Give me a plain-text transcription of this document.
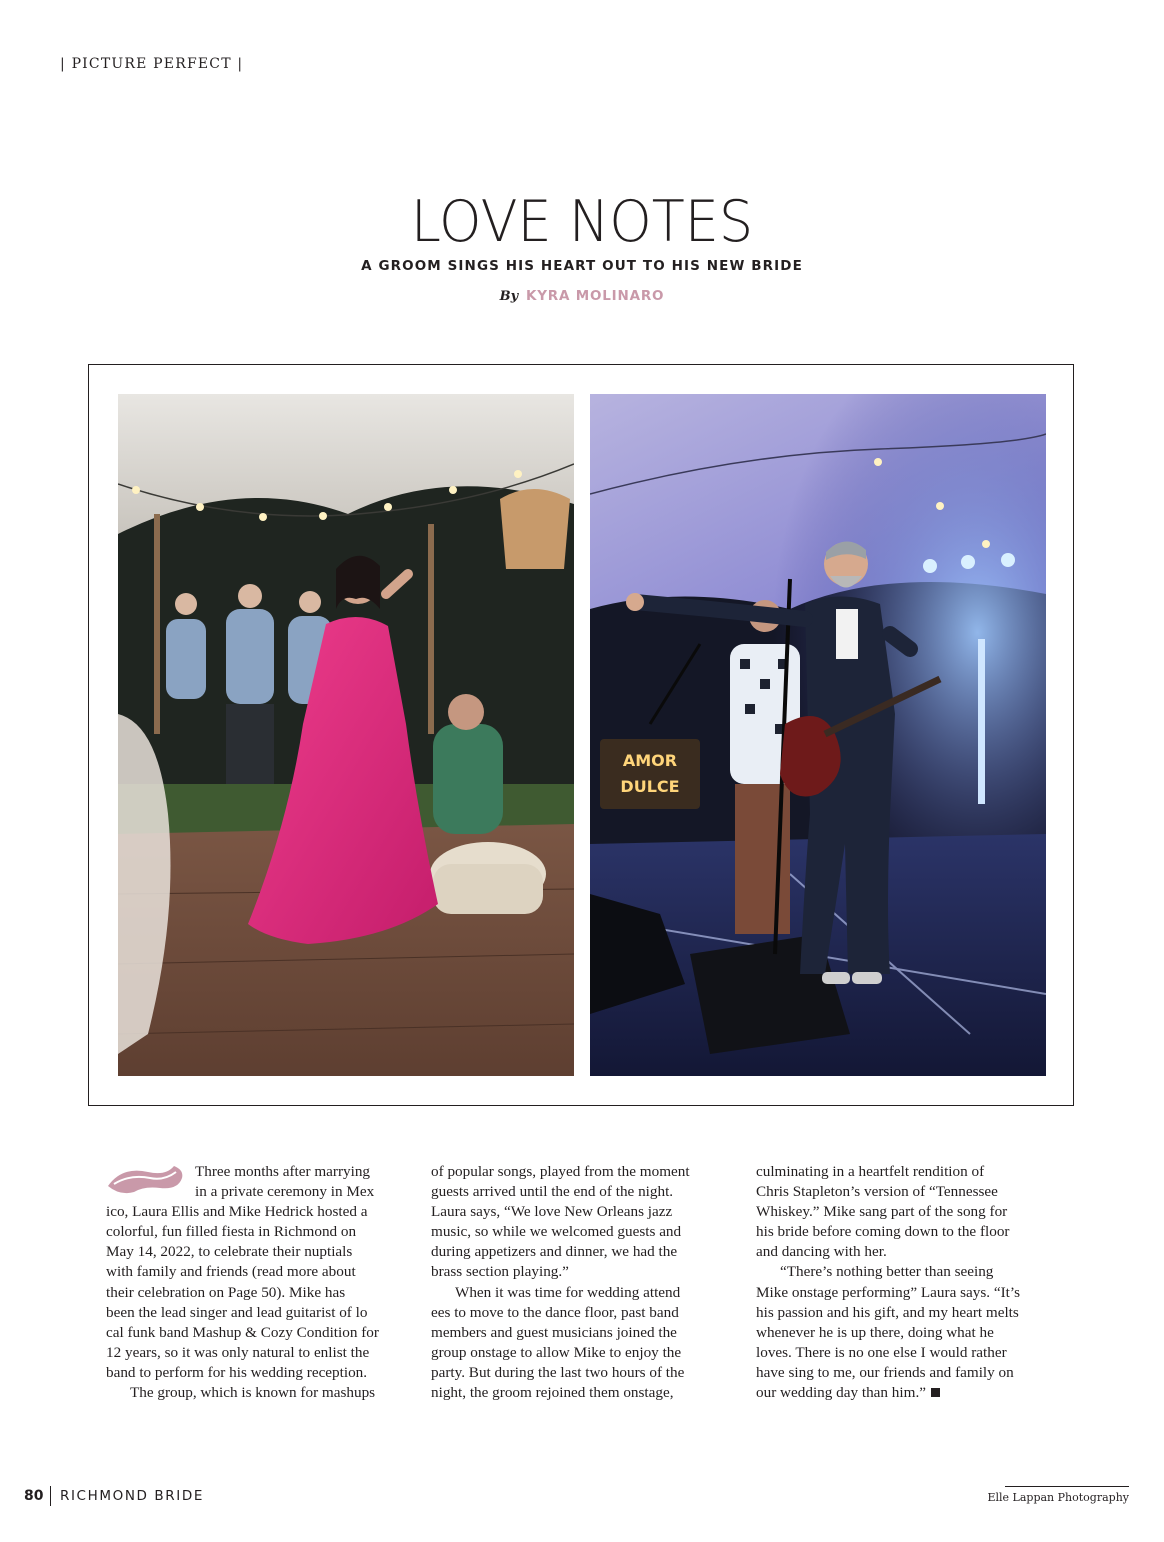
| PICTURE PERFECT |
LOVE NOTES
A GROOM SINGS HIS HEART OUT TO HIS NEW BRIDE
By KYRA MOLINARO
AMOR
DULCE

Three months after marrying

in a private ceremony in Mex

ico, Laura Ellis and Mike Hedrick hosted a

colorful, fun filled fiesta in Richmond on

May 14, 2022, to celebrate their nuptials

with family and friends (read more about

their celebration on Page 50). Mike has

been the lead singer and lead guitarist of lo

cal funk band Mashup & Cozy Condition for

12 years, so it was only natural to enlist the

band to perform for his wedding reception.

The group, which is known for mashups

of popular songs, played from the moment

guests arrived until the end of the night.

Laura says, “We love New Orleans jazz

music, so while we welcomed guests and

during appetizers and dinner, we had the

brass section playing.”

When it was time for wedding attend

ees to move to the dance floor, past band

members and guest musicians joined the

group onstage to allow Mike to enjoy the

party. But during the last two hours of the

night, the groom rejoined them onstage,

culminating in a heartfelt rendition of

Chris Stapleton’s version of “Tennessee

Whiskey.” Mike sang part of the song for

his bride before coming down to the floor

and dancing with her.

“There’s nothing better than seeing

Mike onstage performing” Laura says. “It’s

his passion and his gift, and my heart melts

whenever he is up there, doing what he

loves. There is no one else I would rather

have sing to me, our friends and family on

our wedding day than him.”

80 RICHMOND BRIDE	Elle Lappan Photography
